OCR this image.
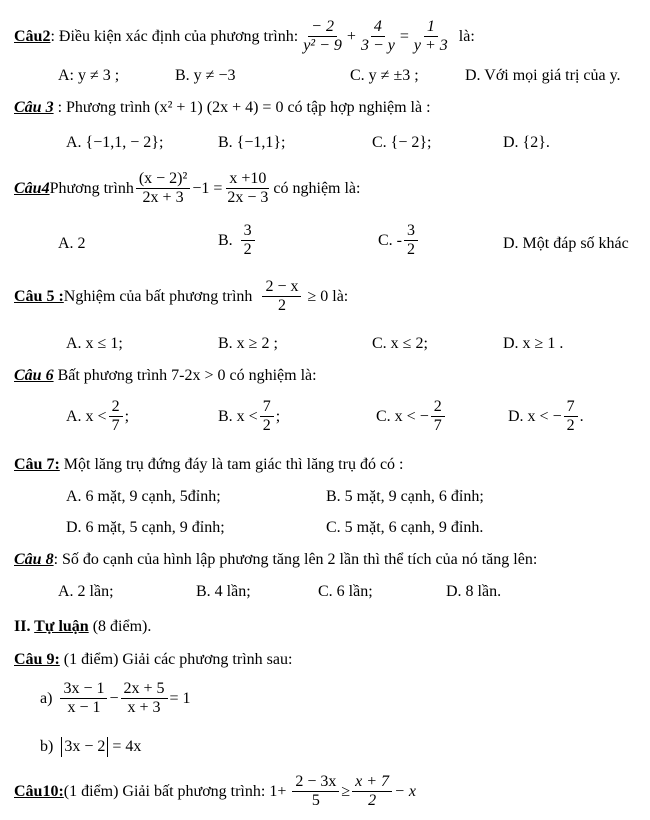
Câu2 : Điều kiện xác định của phương trình:
− 2
y² − 9
+ $\frac{4}{3 - y} = \frac{1}{y + 3}$ là:
A: y ≠ 3 ;	B. y ≠ −3	C. y ≠ ±3 ;	D. Với mọi giá trị của y.
Câu 3 : Phương trình (x² + 1) (2x + 4) = 0 có tập hợp nghiệm là :
A. {−1,1, − 2};	B. {−1,1};	C. {− 2};	D. {2}.
Câu4 Phương trình
(x − 2)²
2x + 3
$-1 = \frac{x +10}{2x - 3}$ có nghiệm là:
A. 2	B.
3
2
C. -
3
2	D. Một đáp số khác
Câu 5 : Nghiệm của bất phương trình $\frac{2 - x}{2} \ge 0$ là:
A. x ≤ 1;	B. x ≥ 2 ;	C. x ≤ 2;	D. x ≥ 1 .
Câu 6 Bất phương trình 7-2x > 0 có nghiệm là:
A. x <
2
7
;	B. x <
7
2
;	C. x < − $\frac{2}{7}$	D. x < − $\frac{7}{2}$ .
Câu 7: Một lăng trụ đứng đáy là tam giác thì lăng trụ đó có :
A. 6 mặt, 9 cạnh, 5đỉnh;	B. 5 mặt, 9 cạnh, 6 đỉnh;
D. 6 mặt, 5 cạnh, 9 đỉnh;	C. 5 mặt, 6 cạnh, 9 đỉnh.
Câu 8: Số đo cạnh của hình lập phương tăng lên 2 lần thì thể tích của nó tăng lên:
A. 2 lần;	B. 4 lần;	C. 6 lần;	D. 8 lần.
II. Tự luận (8 điểm).
Câu 9: (1 điểm) Giải các phương trình sau:
a)
3x − 1
x − 1
− $\frac{2x + 5}{x + 3} = 1$
b) 3x − 2 = 4x
Câu10: (1 điểm) Giải bất phương trình: $1+ \frac{2 - 3x}{5} \ge \frac{x + 7}{2} - x$
